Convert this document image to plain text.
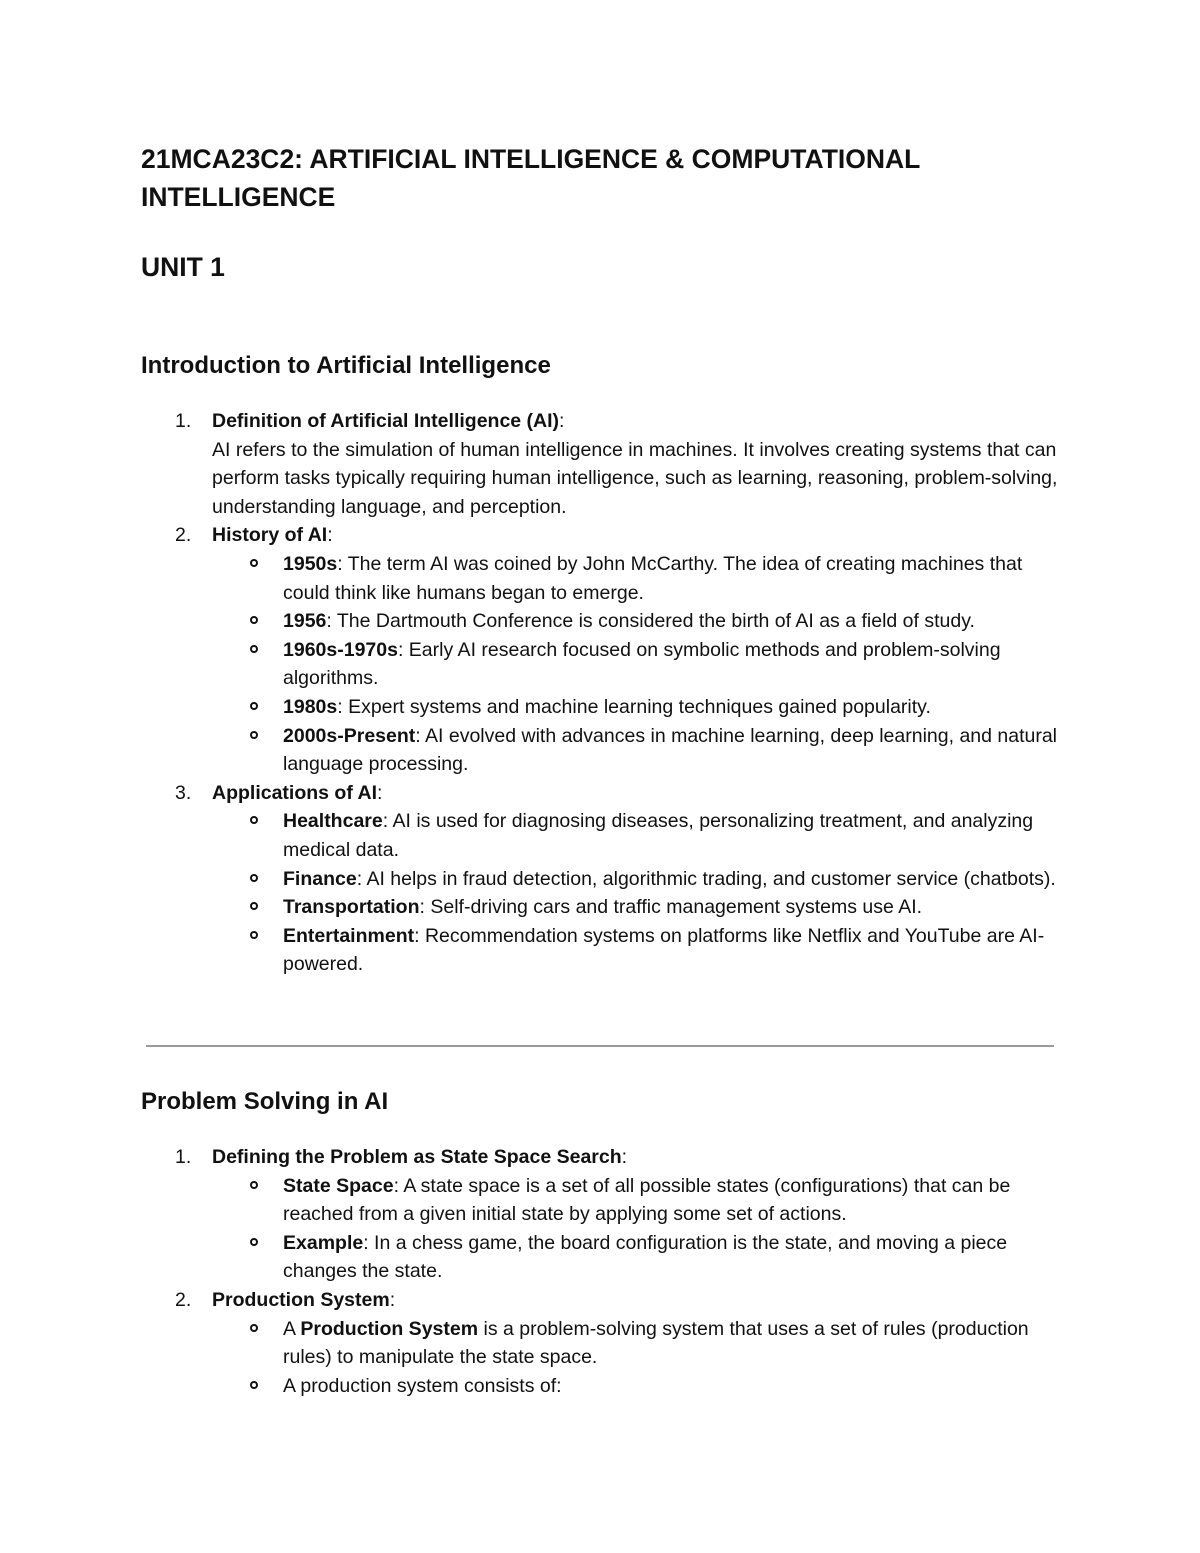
21MCA23C2: ARTIFICIAL INTELLIGENCE & COMPUTATIONAL INTELLIGENCE
UNIT 1
Introduction to Artificial Intelligence
1. Definition of Artificial Intelligence (AI):
AI refers to the simulation of human intelligence in machines. It involves creating systems that can perform tasks typically requiring human intelligence, such as learning, reasoning, problem-solving, understanding language, and perception.
2. History of AI:
1950s: The term AI was coined by John McCarthy. The idea of creating machines that could think like humans began to emerge.
1956: The Dartmouth Conference is considered the birth of AI as a field of study.
1960s-1970s: Early AI research focused on symbolic methods and problem-solving algorithms.
1980s: Expert systems and machine learning techniques gained popularity.
2000s-Present: AI evolved with advances in machine learning, deep learning, and natural language processing.
3. Applications of AI:
Healthcare: AI is used for diagnosing diseases, personalizing treatment, and analyzing medical data.
Finance: AI helps in fraud detection, algorithmic trading, and customer service (chatbots).
Transportation: Self-driving cars and traffic management systems use AI.
Entertainment: Recommendation systems on platforms like Netflix and YouTube are AI-powered.
Problem Solving in AI
1. Defining the Problem as State Space Search:
State Space: A state space is a set of all possible states (configurations) that can be reached from a given initial state by applying some set of actions.
Example: In a chess game, the board configuration is the state, and moving a piece changes the state.
2. Production System:
A Production System is a problem-solving system that uses a set of rules (production rules) to manipulate the state space.
A production system consists of:
